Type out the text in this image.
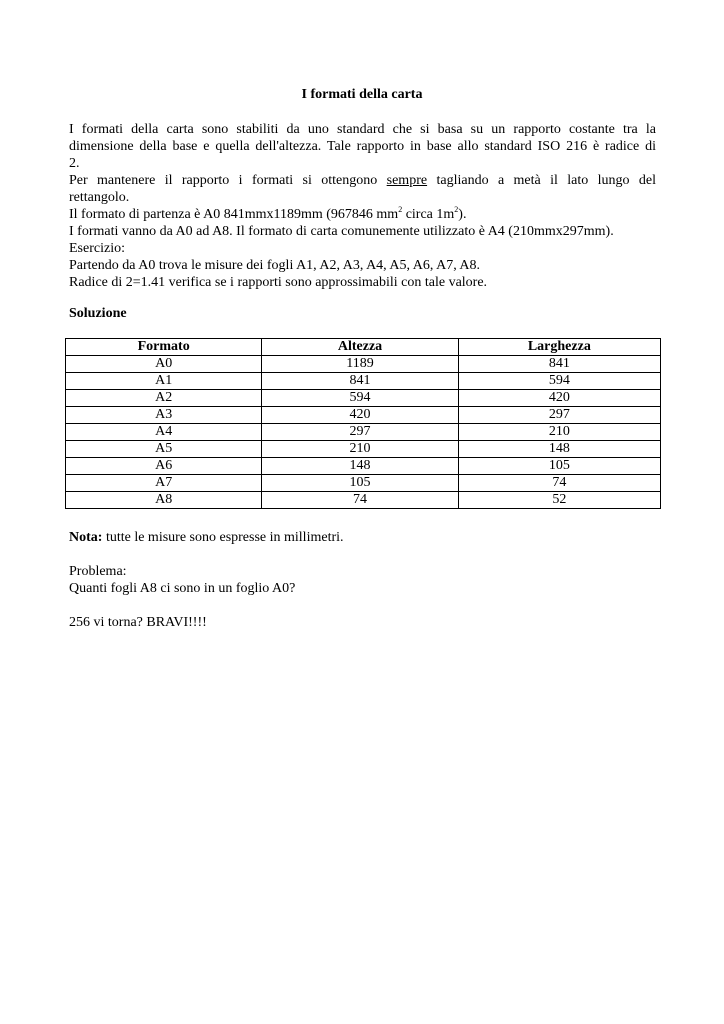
I formati della carta
I formati della carta sono stabiliti da uno standard che si basa su un rapporto costante tra la
dimensione della base e quella dell'altezza. Tale rapporto in base allo standard ISO 216 è radice di
2.
Per mantenere il rapporto i formati si ottengono sempre tagliando a metà il lato lungo del
rettangolo.
Il formato di partenza è A0 841mmx1189mm (967846 $mm^2$ circa $1m^2$).
I formati vanno da A0 ad A8. Il formato di carta comunemente utilizzato è A4 (210mmx297mm).
Esercizio:
Partendo da A0 trova le misure dei fogli A1, A2, A3, A4, A5, A6, A7, A8.
Radice di 2=1.41 verifica se i rapporti sono approssimabili con tale valore.
Soluzione
Formato	Altezza	Larghezza
A0	1189	841
A1	841	594
A2	594	420
A3	420	297
A4	297	210
A5	210	148
A6	148	105
A7	105	74
A8	74	52
Nota: tutte le misure sono espresse in millimetri.
Problema:
Quanti fogli A8 ci sono in un foglio A0?
256 vi torna? BRAVI!!!!
